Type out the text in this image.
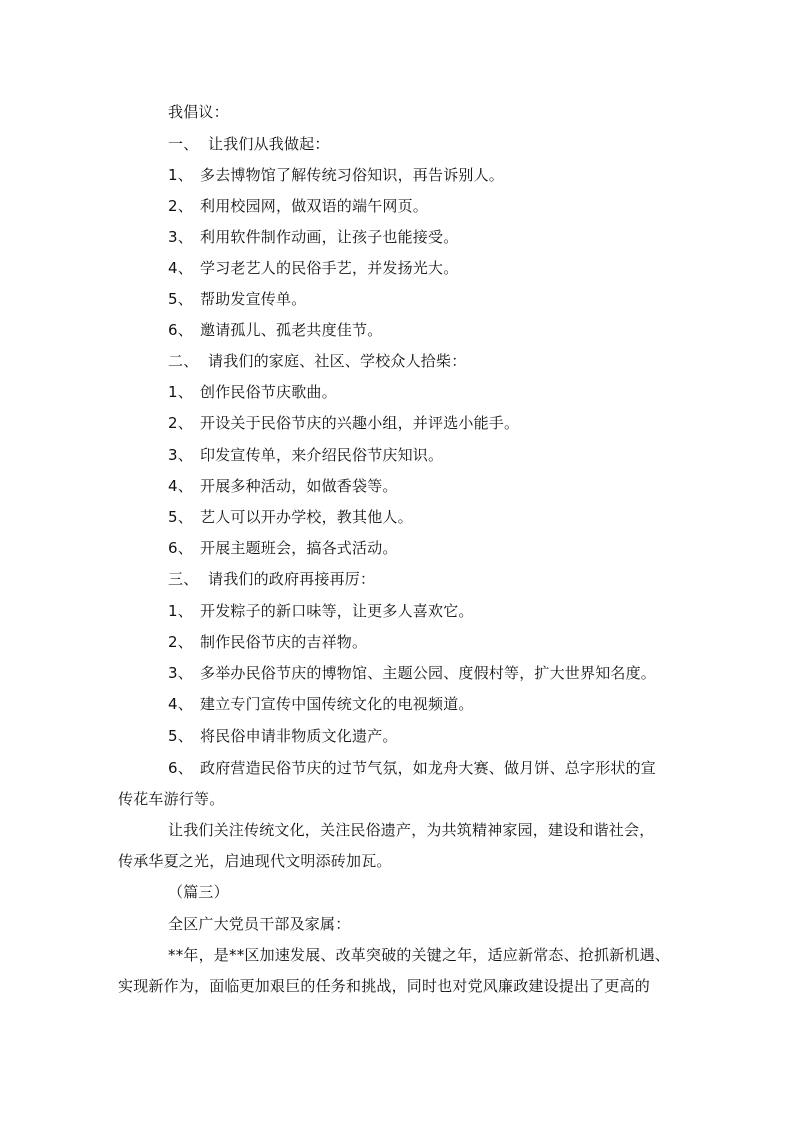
我倡议：
一、 让我们从我做起：
1、 多去博物馆了解传统习俗知识，再告诉别人。
2、 利用校园网，做双语的端午网页。
3、 利用软件制作动画，让孩子也能接受。
4、 学习老艺人的民俗手艺，并发扬光大。
5、 帮助发宣传单。
6、 邀请孤儿、孤老共度佳节。
二、 请我们的家庭、社区、学校众人拾柴：
1、 创作民俗节庆歌曲。
2、 开设关于民俗节庆的兴趣小组，并评选小能手。
3、 印发宣传单，来介绍民俗节庆知识。
4、 开展多种活动，如做香袋等。
5、 艺人可以开办学校，教其他人。
6、 开展主题班会，搞各式活动。
三、 请我们的政府再接再厉：
1、 开发粽子的新口味等，让更多人喜欢它。
2、 制作民俗节庆的吉祥物。
3、 多举办民俗节庆的博物馆、主题公园、度假村等，扩大世界知名度。
4、 建立专门宣传中国传统文化的电视频道。
5、 将民俗申请非物质文化遗产。
6、 政府营造民俗节庆的过节气氛，如龙舟大赛、做月饼、总字形状的宣
传花车游行等。
让我们关注传统文化，关注民俗遗产，为共筑精神家园，建设和谐社会，
传承华夏之光，启迪现代文明添砖加瓦。
（篇三）
全区广大党员干部及家属：
**年，是**区加速发展、改革突破的关键之年，适应新常态、抢抓新机遇、
实现新作为，面临更加艰巨的任务和挑战，同时也对党风廉政建设提出了更高的
